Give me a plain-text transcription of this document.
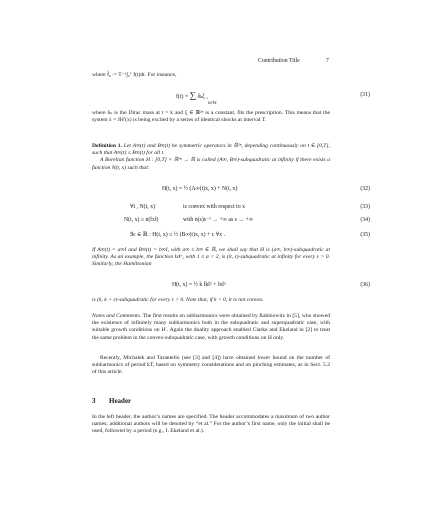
Contribution Title	7
where f̂₀ := T⁻¹∫₀ᵀ f(t)dt. For instance,
f(t) = ∑ δₖξ ,
k∈ℕ
(31)
where δₖ is the Dirac mass at t = k and ξ ∈ ℝ²ⁿ is a constant, fits the prescription. This means that the system ẋ = JH′(x) is being excited by a series of identical shocks at interval T.
Definition 1. Let A∞(t) and B∞(t) be symmetric operators in ℝ²ⁿ, depending continuously on t ∈ [0,T], such that A∞(t) ≤ B∞(t) for all t.
A Borelian function H : [0,T] × ℝ²ⁿ → ℝ is called (A∞, B∞)-subquadratic at infinity if there exists a function N(t, x) such that:
H(t, x) = ½ (A∞(t)x, x) + N(t, x)	(32)
∀t , N(t, x)	is convex with respect to x	(33)
N(t, x) ≥ n(‖x‖)	with n(s)s⁻¹ → +∞ as s → +∞	(34)
∃c ∈ ℝ : H(t, x) ≤ ½ (B∞(t)x, x) + c ∀x .	(35)
If A∞(t) = a∞I and B∞(t) = b∞I, with a∞ ≤ b∞ ∈ ℝ, we shall say that H is (a∞, b∞)-subquadratic at infinity. As an example, the function ‖x‖ᵅ, with 1 ≤ α < 2, is (0, ε)-subquadratic at infinity for every ε > 0. Similarly, the Hamiltonian
H(t, x) = ½ k ‖k‖² + ‖x‖ᵅ	(36)
is (k, k + ε)-subquadratic for every ε > 0. Note that, if k < 0, it is not convex.
Notes and Comments. The first results on subharmonics were obtained by Rabinowitz in [5], who showed the existence of infinitely many subharmonics both in the subquadratic and superquadratic case, with suitable growth conditions on H′. Again the duality approach enabled Clarke and Ekeland in [2] to treat the same problem in the convex-subquadratic case, with growth conditions on H only.
Recently, Michalek and Tarantello (see [3] and [4]) have obtained lower bound on the number of subharmonics of period kT, based on symmetry considerations and on pinching estimates, as in Sect. 5.2 of this article.
3 Header
In the left header, the author’s names are specified. The header accommodates a maximum of two author names; additional authors will be denoted by “et al.” For the author’s first name, only the initial shall be used, followed by a period (e.g., I. Ekeland et al.).
